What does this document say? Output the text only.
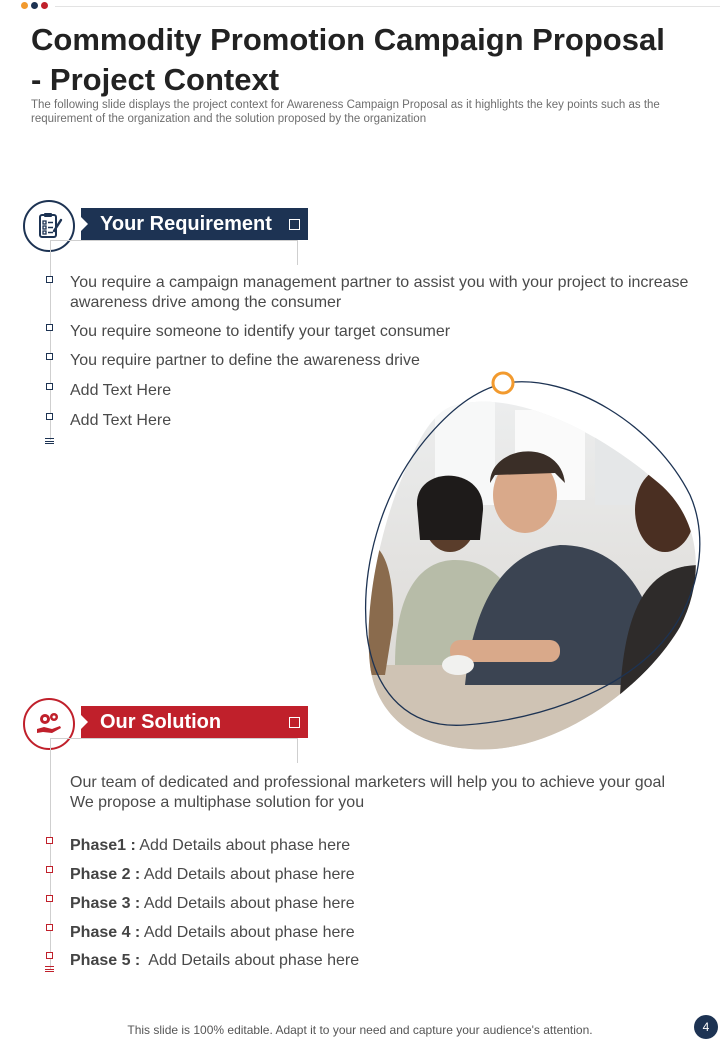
Commodity Promotion Campaign Proposal - Project Context

The following slide displays the project context for Awareness Campaign Proposal as it highlights the key points such as the requirement of the organization and the solution proposed by the organization

Your Requirement
You require a campaign management partner to assist you with your project to increase awareness drive among the consumer
You require someone to identify your target consumer
You require partner to define the awareness drive
Add Text Here
Add Text Here
Our Solution
Our team of dedicated and professional marketers will help you to achieve your goal We propose a multiphase solution for you
Phase1 : Add Details about phase here
Phase 2 : Add Details about phase here
Phase 3 : Add Details about phase here
Phase 4 : Add Details about phase here
Phase 5 :  Add Details about phase here
This slide is 100% editable. Adapt it to your need and capture your audience's attention.	4
